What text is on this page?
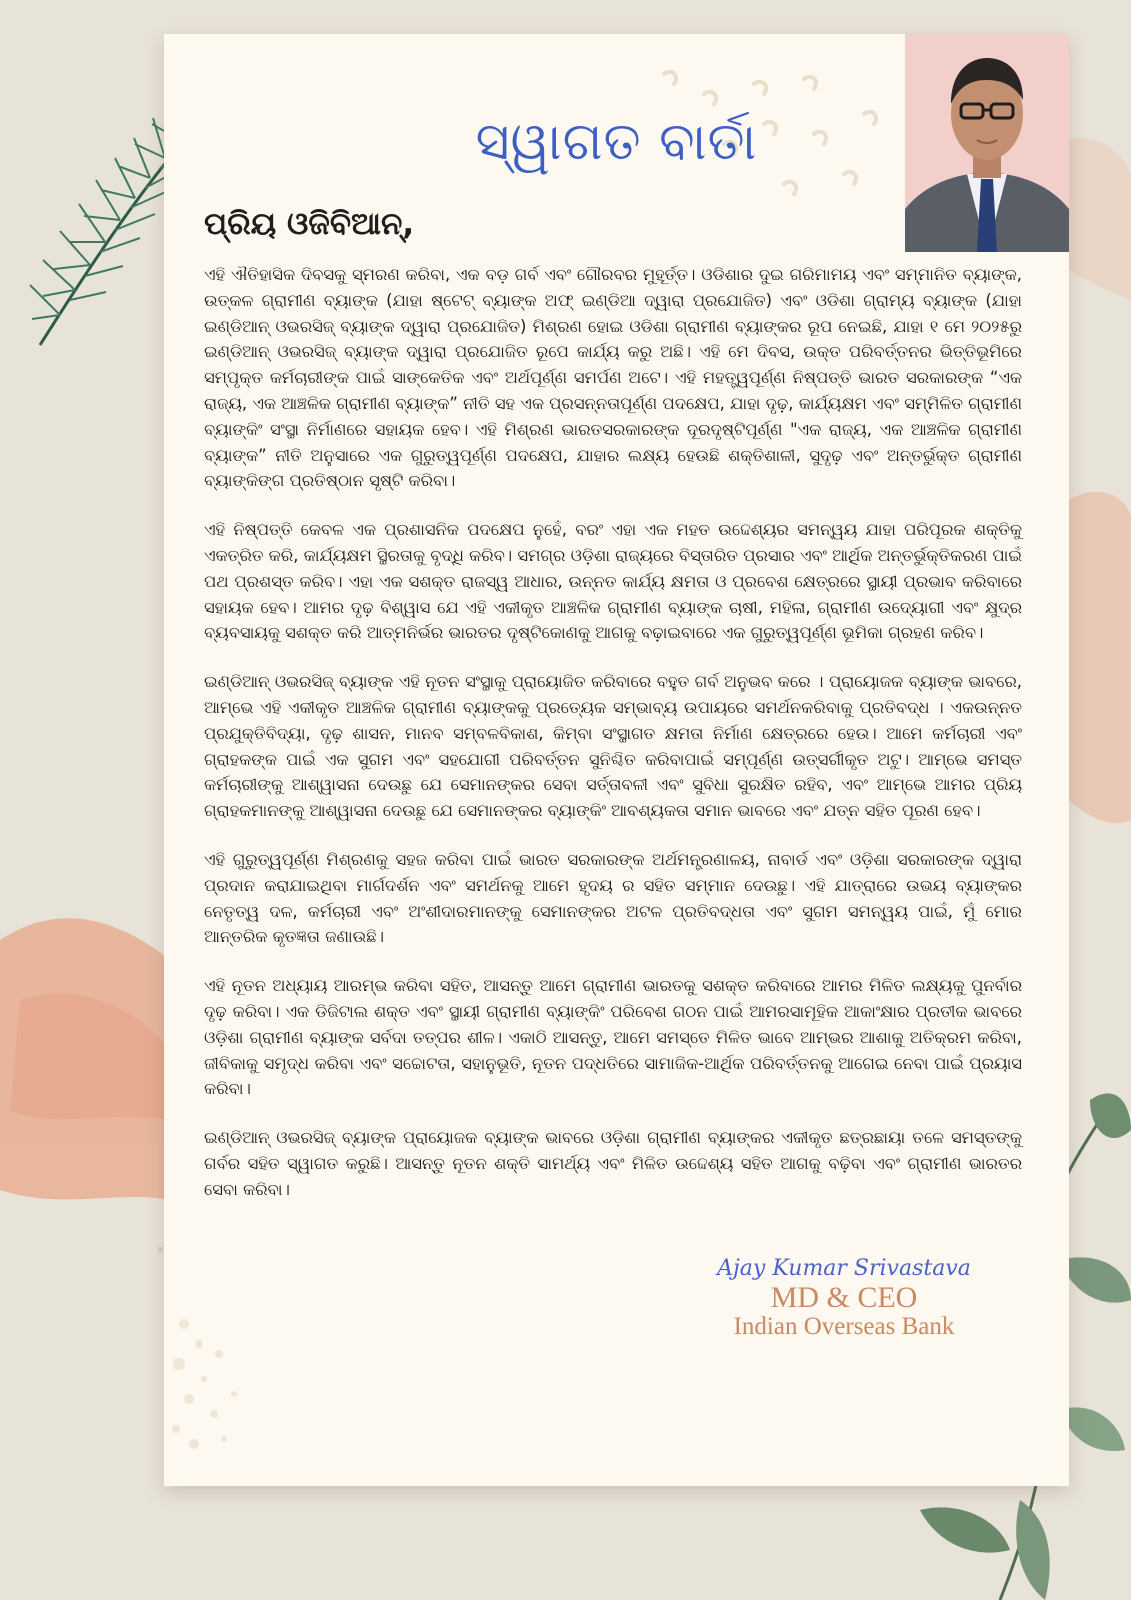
ସ୍ୱାଗତ ବାର୍ତା
ପ୍ରିୟ ଓଜିବିଆନ୍,

ଏହି ଐତିହାସିକ ଦିବସକୁ ସ୍ମରଣ କରିବା, ଏକ ବଡ଼ ଗର୍ବ ଏବଂ ଗୌରବର ମୁହୂର୍ତ୍ତ। ଓଡିଶାର ଦୁଇ ଗରିମାମୟ ଏବଂ ସମ୍ମାନିତ ବ୍ୟାଙ୍କ, ଉତ୍କଳ ଗ୍ରାମୀଣ ବ୍ୟାଙ୍କ (ଯାହା ଷ୍ଟେଟ୍ ବ୍ୟାଙ୍କ ଅଫ୍ ଇଣ୍ଡିଆ ଦ୍ୱାରା ପ୍ରଯୋଜିତ) ଏବଂ ଓଡିଶା ଗ୍ରାମ୍ୟ ବ୍ୟାଙ୍କ (ଯାହା ଇଣ୍ଡିଆନ୍ ଓଭରସିଜ୍ ବ୍ୟାଙ୍କ ଦ୍ୱାରା ପ୍ରଯୋଜିତ) ମିଶ୍ରଣ ହୋଇ ଓଡିଶା ଗ୍ରାମୀଣ ବ୍ୟାଙ୍କର ରୂପ ନେଇଛି, ଯାହା ୧ ମେ ୨୦୨୫ରୁ ଇଣ୍ଡିଆନ୍ ଓଭରସିଜ୍ ବ୍ୟାଙ୍କ ଦ୍ୱାରା ପ୍ରଯୋଜିତ ରୂପେ କାର୍ଯ୍ୟ କରୁ ଅଛି। ଏହି ମେ ଦିବସ, ଉକ୍ତ ପରିବର୍ତ୍ତନର ଭିତ୍ତିଭୂମିରେ ସମ୍ପୃକ୍ତ କର୍ମଚାରୀଙ୍କ ପାଇଁ ସାଙ୍କେତିକ ଏବଂ ଅର୍ଥପୂର୍ଣ୍ଣ ସମର୍ପଣ ଅଟେ। ଏହି ମହତ୍ତ୍ୱପୂର୍ଣ୍ଣ ନିଷ୍ପତ୍ତି ଭାରତ ସରକାରଙ୍କ “ଏକ ରାଜ୍ୟ, ଏକ ଆଞ୍ଚଳିକ ଗ୍ରାମୀଣ ବ୍ୟାଙ୍କ” ନୀତି ସହ ଏକ ପ୍ରସନ୍ନତାପୂର୍ଣ୍ଣ ପଦକ୍ଷେପ, ଯାହା ଦୃଢ଼, କାର୍ଯ୍ୟକ୍ଷମ ଏବଂ ସମ୍ମିଳିତ ଗ୍ରାମୀଣ ବ୍ୟାଙ୍କିଂ ସଂସ୍ଥା ନିର୍ମାଣରେ ସହାୟକ ହେବ। ଏହି ମିଶ୍ରଣ ଭାରତସରକାରଙ୍କ ଦୂରଦୃଷ୍ଟିପୂର୍ଣ୍ଣ "ଏକ ରାଜ୍ୟ, ଏକ ଆଞ୍ଚଳିକ ଗ୍ରାମୀଣ ବ୍ୟାଙ୍କ” ନୀତି ଅନୁସାରେ ଏକ ଗୁରୁତ୍ୱପୂର୍ଣ୍ଣ ପଦକ୍ଷେପ, ଯାହାର ଲକ୍ଷ୍ୟ ହେଉଛି ଶକ୍ତିଶାଳୀ, ସୁଦୃଢ଼ ଏବଂ ଅନ୍ତର୍ଭୁକ୍ତ ଗ୍ରାମୀଣ ବ୍ୟାଙ୍କିଙ୍ଗ ପ୍ରତିଷ୍ଠାନ ସୃଷ୍ଟି କରିବା।

ଏହି ନିଷ୍ପତ୍ତି କେବଳ ଏକ ପ୍ରଶାସନିକ ପଦକ୍ଷେପ ନୁହେଁ, ବରଂ ଏହା ଏକ ମହତ ଉଦ୍ଦେଶ୍ୟର ସମନ୍ୱୟ ଯାହା ପରିପୂରକ ଶକ୍ତିକୁ ଏକତ୍ରିତ କରି, କାର୍ଯ୍ୟକ୍ଷମ ସ୍ଥିରତାକୁ ବୃଦ୍ଧି କରିବ। ସମଗ୍ର ଓଡ଼ିଶା ରାଜ୍ୟରେ ବିସ୍ତାରିତ ପ୍ରସାର ଏବଂ ଆର୍ଥିକ ଅନ୍ତର୍ଭୁକ୍ତିକରଣ ପାଇଁ ପଥ ପ୍ରଶସ୍ତ କରିବ। ଏହା ଏକ ସଶକ୍ତ ରାଜସ୍ୱ ଆଧାର, ଉନ୍ନତ କାର୍ଯ୍ୟ କ୍ଷମତା ଓ ପ୍ରବେଶ କ୍ଷେତ୍ରରେ ସ୍ଥାୟୀ ପ୍ରଭାବ କରିବାରେ ସହାୟକ ହେବ। ଆମର ଦୃଢ଼ ବିଶ୍ୱାସ ଯେ ଏହି ଏକୀକୃତ ଆଞ୍ଚଳିକ ଗ୍ରାମୀଣ ବ୍ୟାଙ୍କ ଚାଷୀ, ମହିଳା, ଗ୍ରାମୀଣ ଉଦ୍ୟୋଗୀ ଏବଂ କ୍ଷୁଦ୍ର ବ୍ୟବସାୟକୁ ସଶକ୍ତ କରି ଆତ୍ମନିର୍ଭର ଭାରତର ଦୃଷ୍ଟିକୋଣକୁ ଆଗକୁ ବଢ଼ାଇବାରେ ଏକ ଗୁରୁତ୍ୱପୂର୍ଣ୍ଣ ଭୂମିକା ଗ୍ରହଣ କରିବ।

ଇଣ୍ଡିଆନ୍ ଓଭରସିଜ୍ ବ୍ୟାଙ୍କ ଏହି ନୂତନ ସଂସ୍ଥାକୁ ପ୍ରାୟୋଜିତ କରିବାରେ ବହୁତ ଗର୍ବ ଅନୁଭବ କରେ । ପ୍ରାୟୋଜକ ବ୍ୟାଙ୍କ ଭାବରେ, ଆମ୍ଭେ ଏହି ଏକୀକୃତ ଆଞ୍ଚଳିକ ଗ୍ରାମୀଣ ବ୍ୟାଙ୍କକୁ ପ୍ରତ୍ୟେକ ସମ୍ଭାବ୍ୟ ଉପାୟରେ ସମର୍ଥନକରିବାକୁ ପ୍ରତିବଦ୍ଧ । ଏକଉନ୍ନତ ପ୍ରଯୁକ୍ତିବିଦ୍ୟା, ଦୃଢ଼ ଶାସନ, ମାନବ ସମ୍ବଳବିକାଶ, କିମ୍ବା ସଂସ୍ଥାଗତ କ୍ଷମତା ନିର୍ମାଣ କ୍ଷେତ୍ରରେ ହେଉ। ଆମେ କର୍ମଚାରୀ ଏବଂ ଗ୍ରାହକଙ୍କ ପାଇଁ ଏକ ସୁଗମ ଏବଂ ସହଯୋଗୀ ପରିବର୍ତ୍ତନ ସୁନିଶ୍ଚିତ କରିବାପାଇଁ ସମ୍ପୂର୍ଣ୍ଣ ଉତ୍ସର୍ଗୀକୃତ ଅଟୁ। ଆମ୍ଭେ ସମସ୍ତ କର୍ମଚାରୀଙ୍କୁ ଆଶ୍ୱାସନା ଦେଉଛୁ ଯେ ସେମାନଙ୍କର ସେବା ସର୍ତ୍ତାବଳୀ ଏବଂ ସୁବିଧା ସୁରକ୍ଷିତ ରହିବ, ଏବଂ ଆମ୍ଭେ ଆମର ପ୍ରିୟ ଗ୍ରାହକମାନଙ୍କୁ ଆଶ୍ୱାସନା ଦେଉଛୁ ଯେ ସେମାନଙ୍କର ବ୍ୟାଙ୍କିଂ ଆବଶ୍ୟକତା ସମାନ ଭାବରେ ଏବଂ ଯତ୍ନ ସହିତ ପୂରଣ ହେବ।

ଏହି ଗୁରୁତ୍ୱପୂର୍ଣ୍ଣ ମିଶ୍ରଣକୁ ସହଜ କରିବା ପାଇଁ ଭାରତ ସରକାରଙ୍କ ଅର୍ଥମନ୍ତ୍ରଣାଳୟ, ନାବାର୍ଡ ଏବଂ ଓଡ଼ିଶା ସରକାରଙ୍କ ଦ୍ୱାରା ପ୍ରଦାନ କରାଯାଇଥିବା ମାର୍ଗଦର୍ଶନ ଏବଂ ସମର୍ଥନକୁ ଆମେ ହୃଦୟ ର ସହିତ ସମ୍ମାନ ଦେଉଛୁ। ଏହି ଯାତ୍ରାରେ ଉଭୟ ବ୍ୟାଙ୍କର ନେତୃତ୍ୱ ଦଳ, କର୍ମଚାରୀ ଏବଂ ଅଂଶୀଦାରମାନଙ୍କୁ ସେମାନଙ୍କର ଅଟଳ ପ୍ରତିବଦ୍ଧତା ଏବଂ ସୁଗମ ସମନ୍ୱୟ ପାଇଁ, ମୁଁ ମୋର ଆନ୍ତରିକ କୃତଜ୍ଞତା ଜଣାଉଛି।

ଏହି ନୂତନ ଅଧ୍ୟାୟ ଆରମ୍ଭ କରିବା ସହିତ, ଆସନ୍ତୁ ଆମେ ଗ୍ରାମୀଣ ଭାରତକୁ ସଶକ୍ତ କରିବାରେ ଆମର ମିଳିତ ଲକ୍ଷ୍ୟକୁ ପୁନର୍ବାର ଦୃଢ଼ କରିବା। ଏକ ଡିଜିଟାଲ ଶକ୍ତ ଏବଂ ସ୍ଥାୟୀ ଗ୍ରାମୀଣ ବ୍ୟାଙ୍କିଂ ପରିବେଶ ଗଠନ ପାଇଁ ଆମରସାମୂହିକ ଆକାଂକ୍ଷାର ପ୍ରତୀକ ଭାବରେ ଓଡ଼ିଶା ଗ୍ରାମୀଣ ବ୍ୟାଙ୍କ ସର୍ବଦା ତତ୍ପର ଶୀଳ। ଏକାଠି ଆସନ୍ତୁ, ଆମେ ସମସ୍ତେ ମିଳିତ ଭାବେ ଆମ୍ଭର ଆଶାକୁ ଅତିକ୍ରମ କରିବା, ଜୀବିକାକୁ ସମୃଦ୍ଧ କରିବା ଏବଂ ସଚ୍ଚୋଟତା, ସହାନୁଭୂତି, ନୂତନ ପଦ୍ଧତିରେ ସାମାଜିକ-ଆର୍ଥିକ ପରିବର୍ତ୍ତନକୁ ଆଗେଇ ନେବା ପାଇଁ ପ୍ରୟାସ କରିବା।

ଇଣ୍ଡିଆନ୍ ଓଭରସିଜ୍ ବ୍ୟାଙ୍କ ପ୍ରାୟୋଜକ ବ୍ୟାଙ୍କ ଭାବରେ ଓଡ଼ିଶା ଗ୍ରାମୀଣ ବ୍ୟାଙ୍କର ଏକୀକୃତ ଛତ୍ରଛାୟା ତଳେ ସମସ୍ତଙ୍କୁ ଗର୍ବର ସହିତ ସ୍ୱାଗତ କରୁଛି। ଆସନ୍ତୁ ନୂତନ ଶକ୍ତି ସାମର୍ଥ୍ୟ ଏବଂ ମିଳିତ ଉଦ୍ଦେଶ୍ୟ ସହିତ ଆଗକୁ ବଢ଼ିବା ଏବଂ ଗ୍ରାମୀଣ ଭାରତର ସେବା କରିବା।

Ajay Kumar Srivastava
MD & CEO
Indian Overseas Bank
